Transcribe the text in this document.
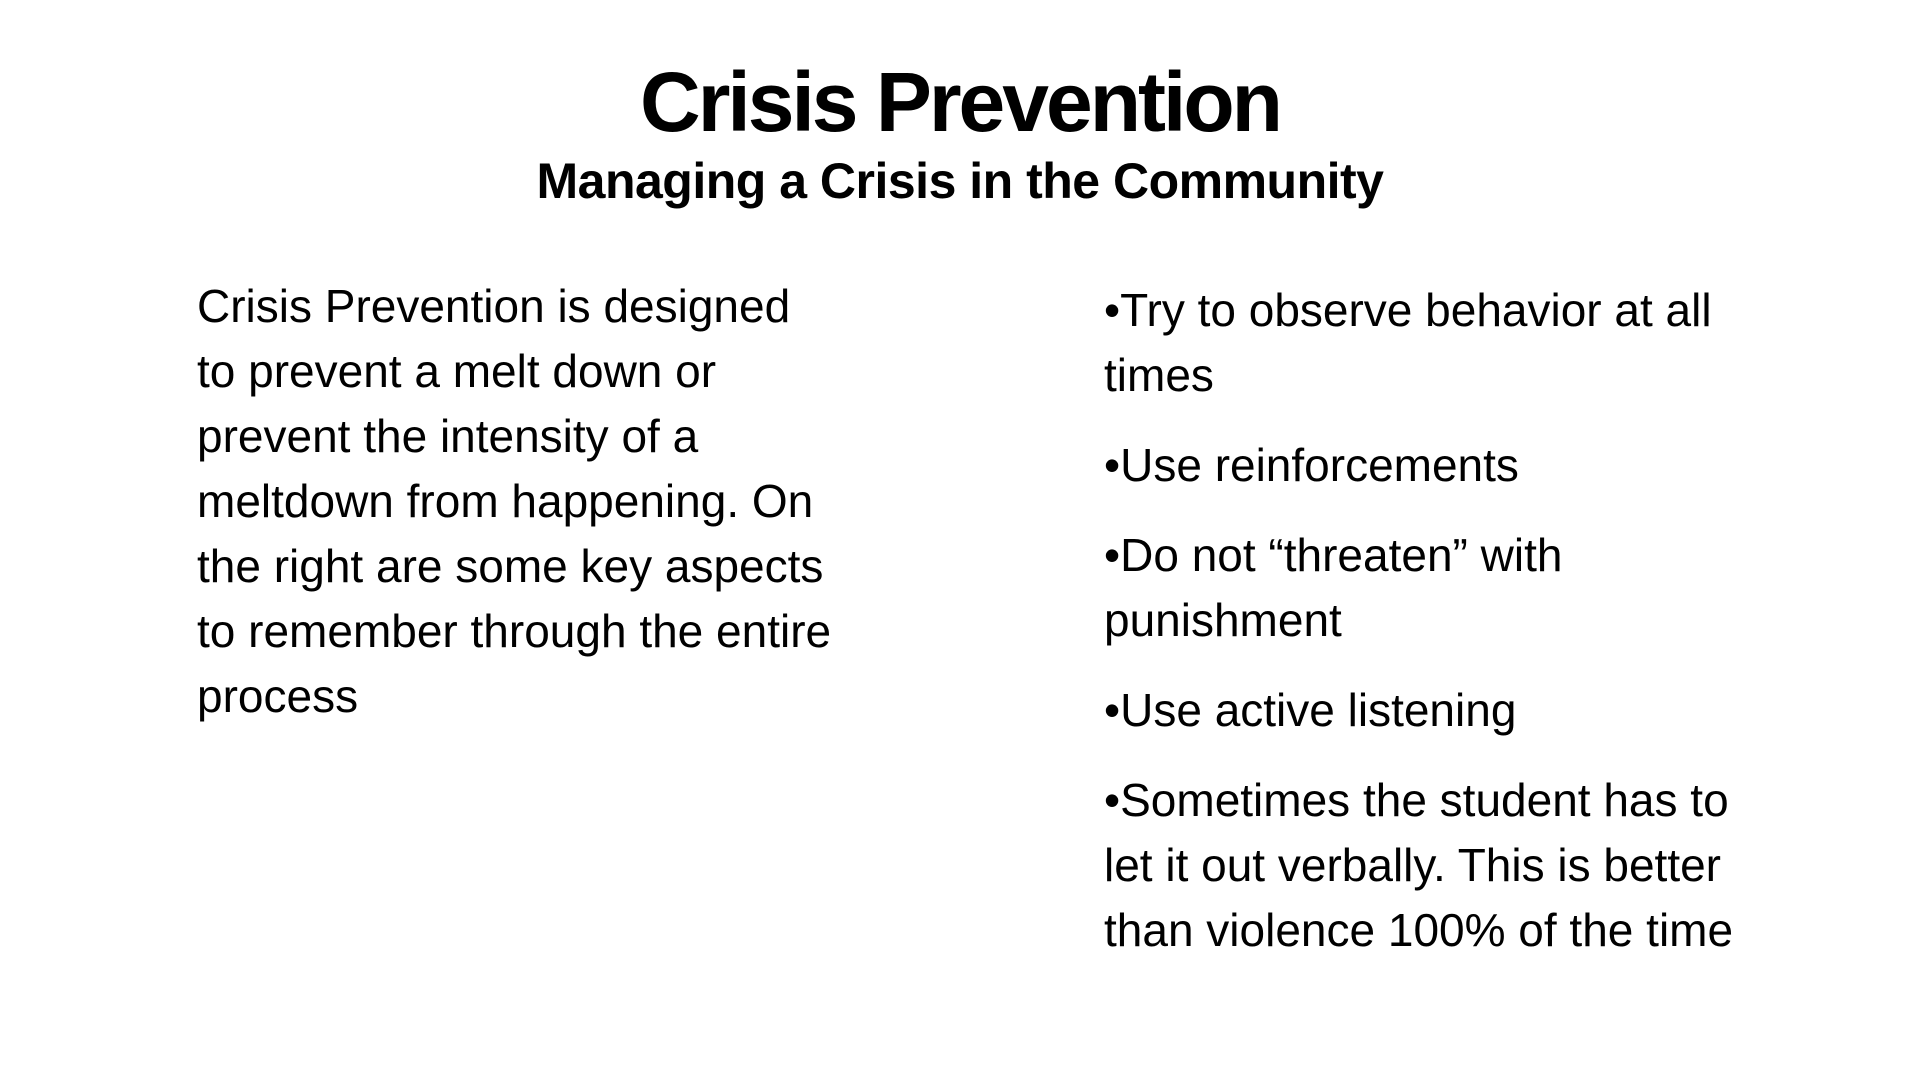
Crisis Prevention
Managing a Crisis in the Community

Crisis Prevention is designed to prevent a melt down or prevent the intensity of a meltdown from happening. On the right are some key aspects to remember through the entire process

•Try to observe behavior at all times
•Use reinforcements
•Do not “threaten” with punishment
•Use active listening
•Sometimes the student has to let it out verbally. This is better than violence 100% of the time
